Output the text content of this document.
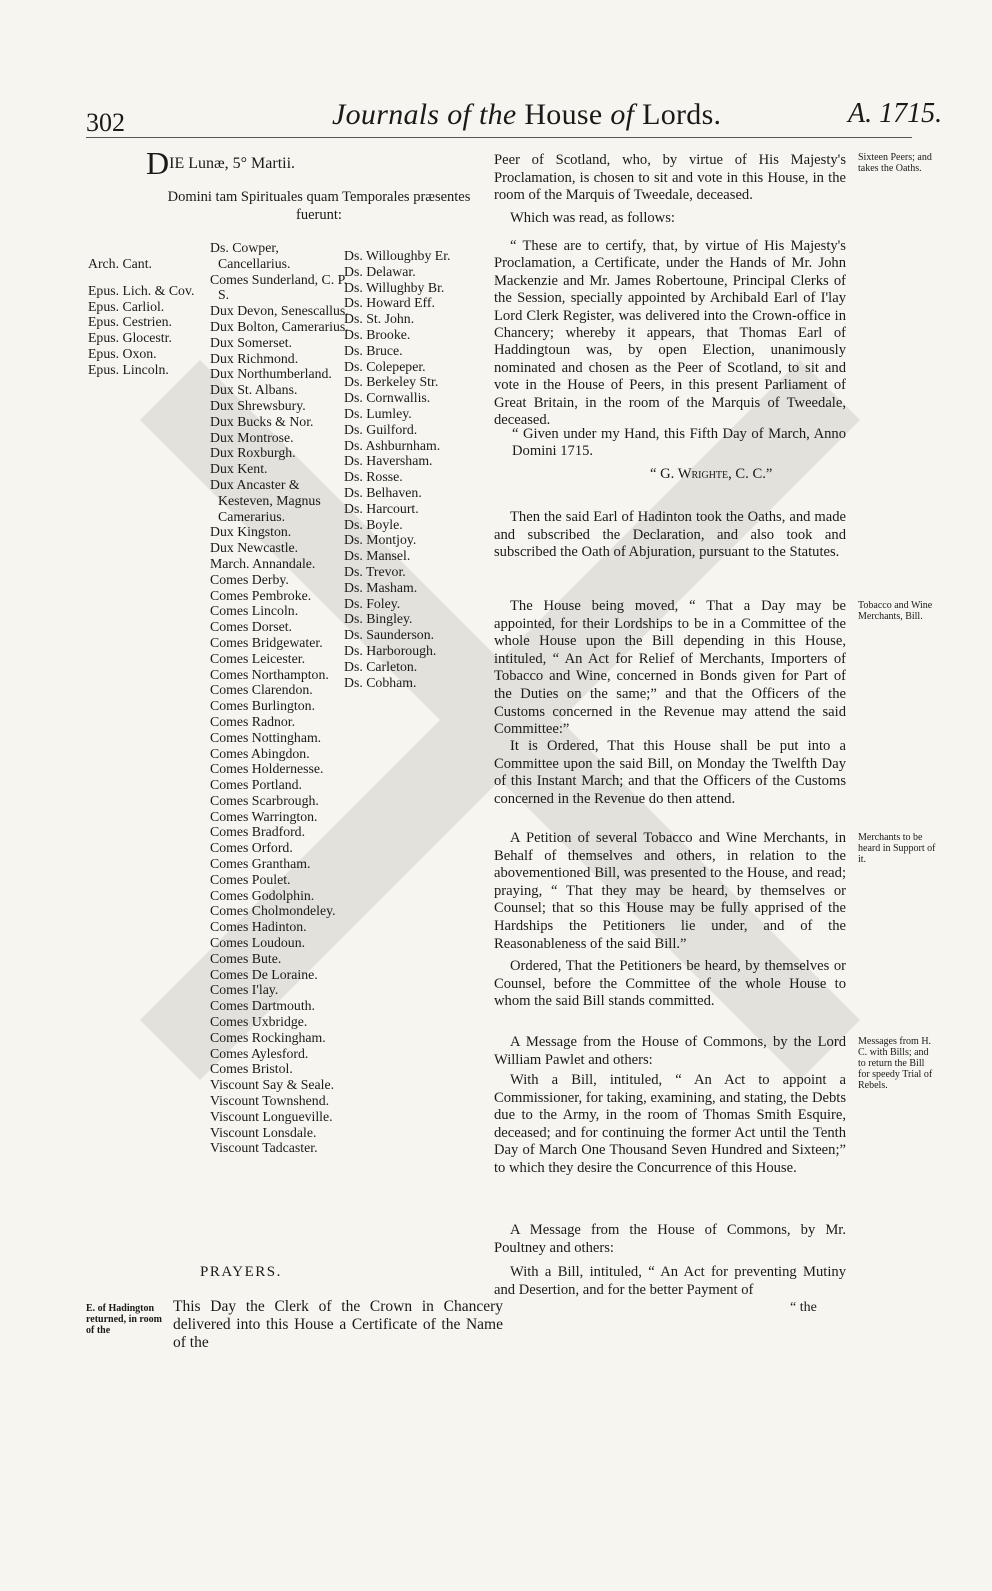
302	Journals of the House of Lords.	A. 1715.
DIE Lunæ, 5° Martii.
Domini tam Spirituales quam Temporales præsentes fuerunt:
Arch. Cant.
Epus. Lich. & Cov.
Epus. Carliol.
Epus. Cestrien.
Epus. Glocestr.
Epus. Oxon.
Epus. Lincoln.
Ds. Cowper, Cancellarius.
Comes Sunderland, C. P. S.
Dux Devon, Senescallus.
Dux Bolton, Camerarius.
Dux Somerset.
Dux Richmond.
Dux Northumberland.
Dux St. Albans.
Dux Shrewsbury.
Dux Bucks & Nor.
Dux Montrose.
Dux Roxburgh.
Dux Kent.
Dux Ancaster & Kesteven, Magnus Camerarius.
Dux Kingston.
Dux Newcastle.
March. Annandale.
Comes Derby.
Comes Pembroke.
Comes Lincoln.
Comes Dorset.
Comes Bridgewater.
Comes Leicester.
Comes Northampton.
Comes Clarendon.
Comes Burlington.
Comes Radnor.
Comes Nottingham.
Comes Abingdon.
Comes Holdernesse.
Comes Portland.
Comes Scarbrough.
Comes Warrington.
Comes Bradford.
Comes Orford.
Comes Grantham.
Comes Poulet.
Comes Godolphin.
Comes Cholmondeley.
Comes Hadinton.
Comes Loudoun.
Comes Bute.
Comes De Loraine.
Comes I'lay.
Comes Dartmouth.
Comes Uxbridge.
Comes Rockingham.
Comes Aylesford.
Comes Bristol.
Viscount Say & Seale.
Viscount Townshend.
Viscount Longueville.
Viscount Lonsdale.
Viscount Tadcaster.
Ds. Willoughby Er.
Ds. Delawar.
Ds. Willughby Br.
Ds. Howard Eff.
Ds. St. John.
Ds. Brooke.
Ds. Bruce.
Ds. Colepeper.
Ds. Berkeley Str.
Ds. Cornwallis.
Ds. Lumley.
Ds. Guilford.
Ds. Ashburnham.
Ds. Haversham.
Ds. Rosse.
Ds. Belhaven.
Ds. Harcourt.
Ds. Boyle.
Ds. Montjoy.
Ds. Mansel.
Ds. Trevor.
Ds. Masham.
Ds. Foley.
Ds. Bingley.
Ds. Saunderson.
Ds. Harborough.
Ds. Carleton.
Ds. Cobham.
PRAYERS.
E. of Hadington returned, in room of the
This Day the Clerk of the Crown in Chancery delivered into this House a Certificate of the Name of the

Peer of Scotland, who, by virtue of His Majesty's Proclamation, is chosen to sit and vote in this House, in the room of the Marquis of Tweedale, deceased.

Sixteen Peers; and takes the Oaths.

Which was read, as follows:

“ These are to certify, that, by virtue of His Majesty's Proclamation, a Certificate, under the Hands of Mr. John Mackenzie and Mr. James Robertoune, Principal Clerks of the Session, specially appointed by Archibald Earl of I'lay Lord Clerk Register, was delivered into the Crown-office in Chancery; whereby it appears, that Thomas Earl of Haddingtoun was, by open Election, unanimously nominated and chosen as the Peer of Scotland, to sit and vote in the House of Peers, in this present Parliament of Great Britain, in the room of the Marquis of Tweedale, deceased.

“ Given under my Hand, this Fifth Day of March, Anno Domini 1715.

“ G. Wrighte, C. C.”

Then the said Earl of Hadinton took the Oaths, and made and subscribed the Declaration, and also took and subscribed the Oath of Abjuration, pursuant to the Statutes.

The House being moved, “ That a Day may be appointed, for their Lordships to be in a Committee of the whole House upon the Bill depending in this House, intituled, “ An Act for Relief of Merchants, Importers of Tobacco and Wine, concerned in Bonds given for Part of the Duties on the same;” and that the Officers of the Customs concerned in the Revenue may attend the said Committee:”

Tobacco and Wine Merchants, Bill.

It is Ordered, That this House shall be put into a Committee upon the said Bill, on Monday the Twelfth Day of this Instant March; and that the Officers of the Customs concerned in the Revenue do then attend.

A Petition of several Tobacco and Wine Merchants, in Behalf of themselves and others, in relation to the abovementioned Bill, was presented to the House, and read; praying, “ That they may be heard, by themselves or Counsel; that so this House may be fully apprised of the Hardships the Petitioners lie under, and of the Reasonableness of the said Bill.”

Merchants to be heard in Support of it.

Ordered, That the Petitioners be heard, by themselves or Counsel, before the Committee of the whole House to whom the said Bill stands committed.

A Message from the House of Commons, by the Lord William Pawlet and others:

Messages from H. C. with Bills; and to return the Bill for speedy Trial of Rebels.

With a Bill, intituled, “ An Act to appoint a Commissioner, for taking, examining, and stating, the Debts due to the Army, in the room of Thomas Smith Esquire, deceased; and for continuing the former Act until the Tenth Day of March One Thousand Seven Hundred and Sixteen;” to which they desire the Concurrence of this House.

A Message from the House of Commons, by Mr. Poultney and others:

With a Bill, intituled, “ An Act for preventing Mutiny and Desertion, and for the better Payment of

“ the
